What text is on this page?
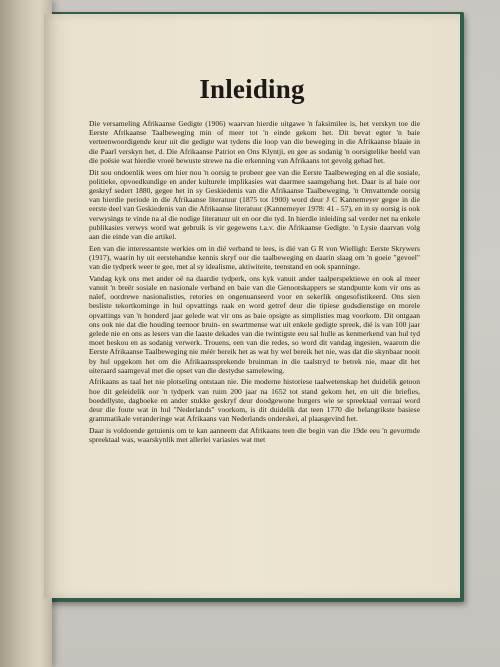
Inleiding

Die versameling Afrikaanse Gedigte (1906) waarvan hierdie uitgawe 'n faksimilee is, het verskyn toe die Eerste Afrikaanse Taalbeweging min of meer tot 'n einde gekom het. Dit bevat egter 'n baie verteenwoordigende keur uit die gedigte wat tydens die loop van die beweging in die Afrikaanse blaaie in die Paarl verskyn het, d. Die Afrikaanse Patriot en Ons Klyntji, en gee as sodanig 'n oorsigtelike beeld van die poësie wat hierdie vroeë bewuste strewe na die erkenning van Afrikaans tot gevolg gehad het.

Dit sou ondoenlik wees om hier nou 'n oorsig te probeer gee van die Eerste Taalbeweging en al die sosiale, politieke, opvoedkundige en ander kulturele implikasies wat daarmee saamgehang het. Daar is al baie oor geskryf sedert 1880, gegee het in sy Geskiedenis van die Afrikaanse Taalbeweging. 'n Omvattende oorsig van hierdie periode in die Afrikaanse literatuur (1875 tot 1900) word deur J C Kannemeyer gegee in die eerste deel van Geskiedenis van die Afrikaanse literatuur (Kannemeyer 1978: 41 - 57), en in sy oorsig is ook verwysings te vinde na al die nodige literatuur uit en oor die tyd. In hierdie inleiding sal verder net na enkele publikasies verwys word wat gebruik is vir gegewens t.a.v. die Afrikaanse Gedigte. 'n Lysie daarvan volg aan die einde van die artikel.

Een van die interessantste werkies om in dié verband te lees, is dié van G R von Wielligh: Eerste Skrywers (1917), waarin hy uit eerstehandse kennis skryf oor die taalbeweging en daarin slaag om 'n goeie "gevoel" van die tydperk weer te gee, met al sy idealisme, aktiwiteite, teenstand en ook spanninge.

Vandag kyk ons met ander oë na daardie tydperk, ons kyk vanuit ander taalperspektiewe en ook al meer vanuit 'n breër sosiale en nasionale verband en baie van die Genootskappers se standpunte kom vir ons as naïef, oordrewe nasionalisties, retories en ongenuanseerd voor en sekerlik ongesofistikeerd. Ons sien besliste tekortkominge in hul opvattings raak en word getref deur die tipiese godsdienstige en morele opvattings van 'n honderd jaar gelede wat vir ons as baie opsigte as simplisties mag voorkom. Dit ontgaan ons ook nie dat die houding teenoor bruin- en swartmense wat uit enkele gedigte spreek, dié is van 100 jaar gelede nie en ons as lesers van die laaste dekades van die twintigste eeu sal hulle as kenmerkend van hul tyd moet beskou en as sodanig verwerk. Trouens, een van die redes, so word dit vandag ingesien, waarom die Eerste Afrikaanse Taalbeweging nie méér bereik het as wat hy wel bereik het nie, was dat die skynbaar nooit by hul opgekom het om die Afrikaanssprekende bruinman in die taalstryd te betrek nie, maar dit het uiteraard saamgeval met die opset van die destydse samelewing.

Afrikaans as taal het nie plotseling ontstaan nie. Die moderne historiese taalwetenskap het duidelik getoon hoe dit geleidelik oor 'n tydperk van ruim 200 jaar na 1652 tot stand gekom het, en uit die briefies, boedellyste, dagboeke en ander stukke geskryf deur doodgewone burgers wie se spreektaal verraai word deur die foute wat in hul "Nederlands" voorkom, is dit duidelik dat teen 1770 die belangrikste basiese grammatikale veranderinge wat Afrikaans van Nederlands onderskei, al plaasgevind het.

Daar is voldoende getuienis om te kan aanneem dat Afrikaans teen die begin van die 19de eeu 'n gevormde spreektaal was, waarskynlik met allerlei variasies wat met
